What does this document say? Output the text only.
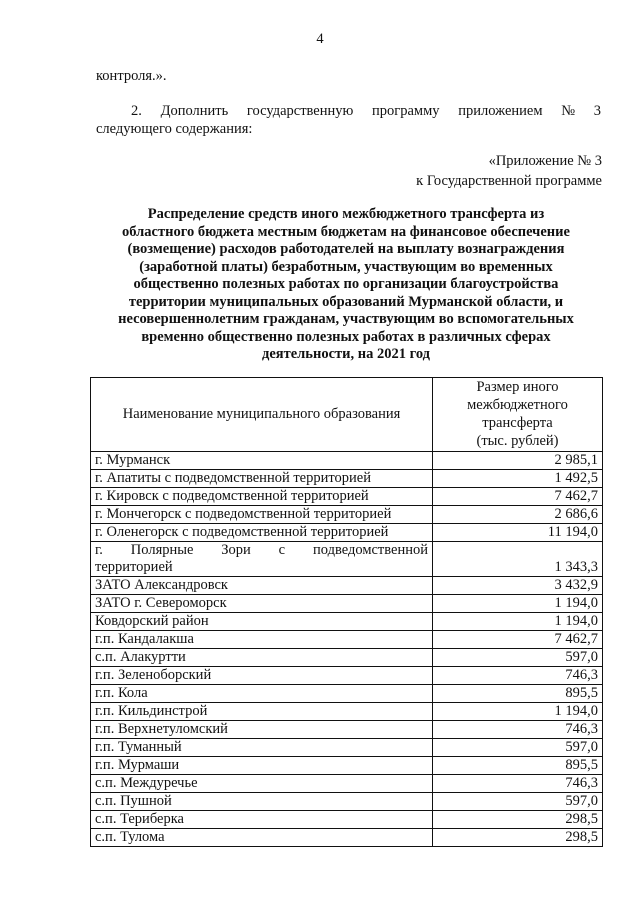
4
контроля.».
2. Дополнить государственную программу приложением № 3
следующего содержания:
«Приложение № 3
к Государственной программе
Распределение средств иного межбюджетного трансферта из
областного бюджета местным бюджетам на финансовое обеспечение
(возмещение) расходов работодателей на выплату вознаграждения
(заработной платы) безработным, участвующим во временных
общественно полезных работах по организации благоустройства
территории муниципальных образований Мурманской области, и
несовершеннолетним гражданам, участвующим во вспомогательных
временно общественно полезных работах в различных сферах
деятельности, на 2021 год
Наименование муниципального образования	Размер иного
межбюджетного
трансферта
(тыс. рублей)

г. Мурманск	2 985,1
г. Апатиты с подведомственной территорией	1 492,5
г. Кировск с подведомственной территорией	7 462,7
г. Мончегорск с подведомственной территорией	2 686,6
г. Оленегорск с подведомственной территорией	11 194,0

г. Полярные Зори с подведомственной
территорией	1 343,3
ЗАТО Александровск	3 432,9
ЗАТО г. Североморск	1 194,0
Ковдорский район	1 194,0
г.п. Кандалакша	7 462,7
с.п. Алакуртти	597,0
г.п. Зеленоборский	746,3
г.п. Кола	895,5
г.п. Кильдинстрой	1 194,0
г.п. Верхнетуломский	746,3
г.п. Туманный	597,0
г.п. Мурмаши	895,5
с.п. Междуречье	746,3
с.п. Пушной	597,0
с.п. Териберка	298,5
с.п. Тулома	298,5
